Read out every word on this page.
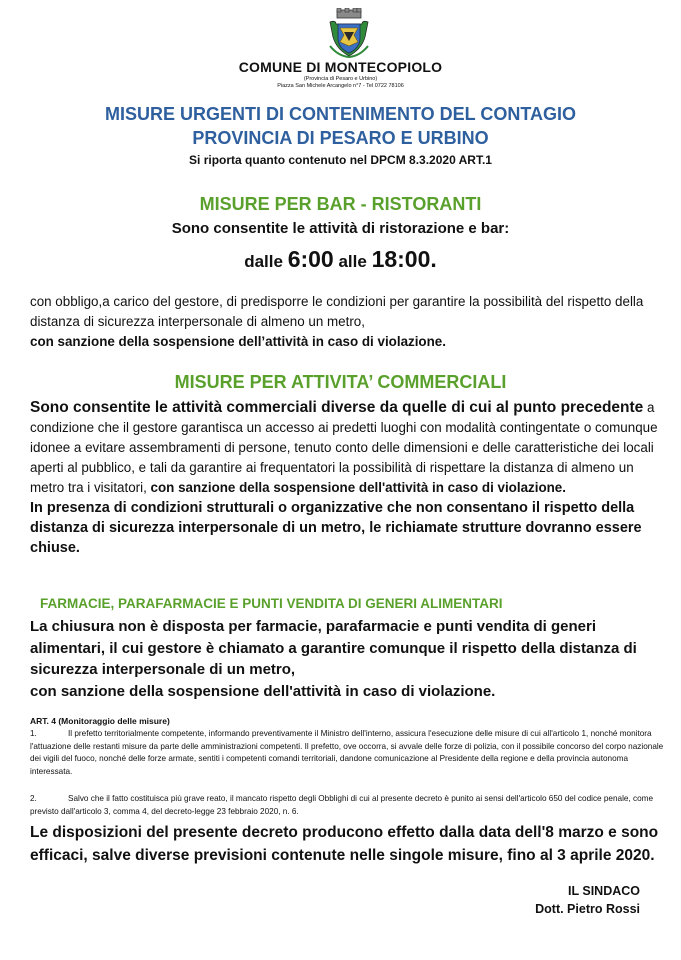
COMUNE DI MONTECOPIOLO
(Provincia di Pesaro e Urbino)
Piazza San Michele Arcangelo n°7 - Tel 0722 78106
MISURE URGENTI DI CONTENIMENTO DEL CONTAGIO
PROVINCIA DI PESARO E URBINO
Si riporta quanto contenuto nel DPCM 8.3.2020 ART.1
MISURE PER BAR - RISTORANTI
Sono consentite le attività di ristorazione e bar:
dalle 6:00 alle 18:00.
con obbligo,a carico del gestore, di predisporre le condizioni per garantire la possibilità del rispetto della distanza di sicurezza interpersonale di almeno un metro,
con sanzione della sospensione dell’attività in caso di violazione.
MISURE PER ATTIVITA’ COMMERCIALI
Sono consentite le attività commerciali diverse da quelle di cui al punto precedente a condizione che il gestore garantisca un accesso ai predetti luoghi con modalità contingentate o comunque idonee a evitare assembramenti di persone, tenuto conto delle dimensioni e delle caratteristiche dei locali aperti al pubblico, e tali da garantire ai frequentatori la possibilità di rispettare la distanza di almeno un metro tra i visitatori, con sanzione della sospensione dell'attività in caso di violazione.
In presenza di condizioni strutturali o organizzative che non consentano il rispetto della distanza di sicurezza interpersonale di un metro, le richiamate strutture dovranno essere chiuse.
FARMACIE, PARAFARMACIE E PUNTI VENDITA DI GENERI ALIMENTARI
La chiusura non è disposta per farmacie, parafarmacie e punti vendita di generi alimentari, il cui gestore è chiamato a garantire comunque il rispetto della distanza di sicurezza interpersonale di un metro,
con sanzione della sospensione dell'attività in caso di violazione.
ART. 4 (Monitoraggio delle misure)
1.	Il prefetto territorialmente competente, informando preventivamente il Ministro dell'interno, assicura l'esecuzione delle misure di cui all'articolo 1, nonché monitora l'attuazione delle restanti misure da parte delle amministrazioni competenti. Il prefetto, ove occorra, si avvale delle forze di polizia, con il possibile concorso del corpo nazionale dei vigili del fuoco, nonché delle forze armate, sentiti i competenti comandi territoriali, dandone comunicazione al Presidente della regione e della provincia autonoma interessata.
2.	Salvo che il fatto costituisca più grave reato, il mancato rispetto degli Obblighi di cui al presente decreto è punito ai sensi dell'articolo 650 del codice penale, come previsto dall'articolo 3, comma 4, del decreto-legge 23 febbraio 2020, n. 6.
Le disposizioni del presente decreto producono effetto dalla data dell'8 marzo e sono efficaci, salve diverse previsioni contenute nelle singole misure, fino al 3 aprile 2020.
IL SINDACO
Dott. Pietro Rossi
